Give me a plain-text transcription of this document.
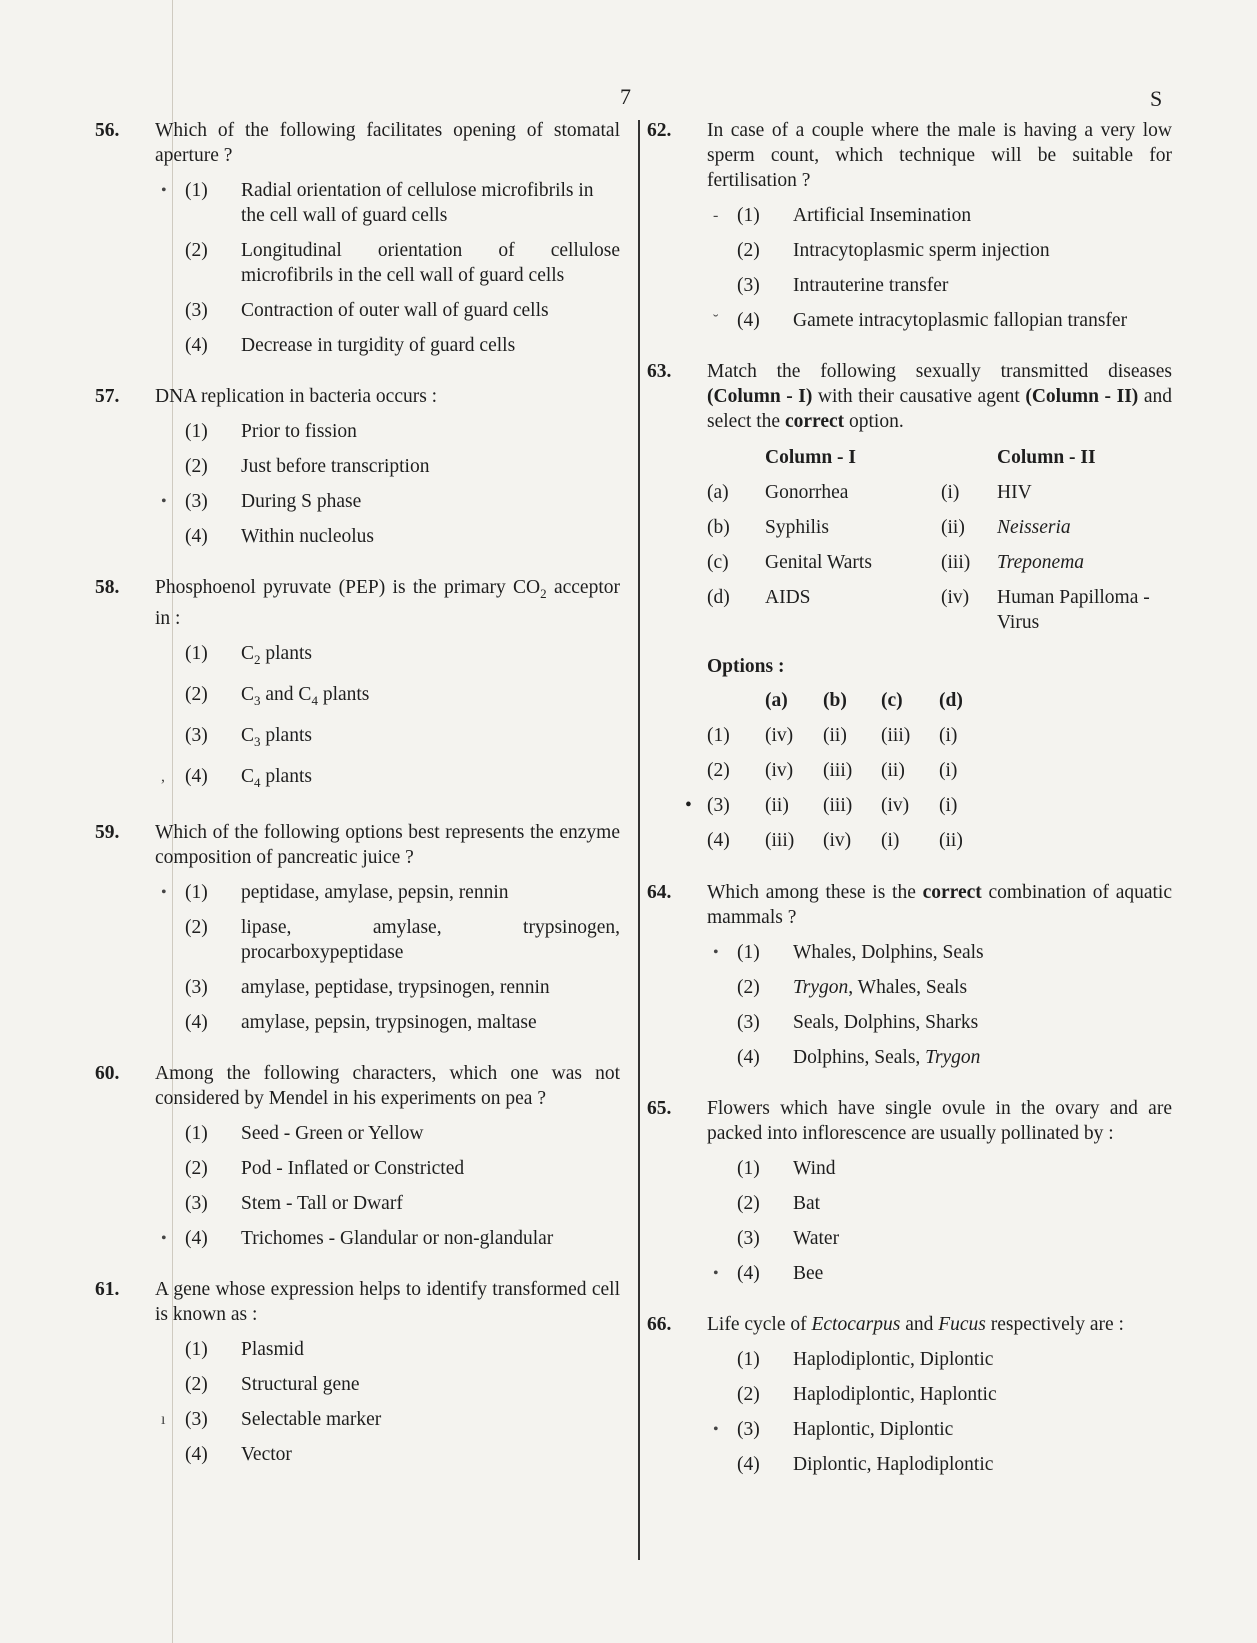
7	S
56.	Which of the following facilitates opening of stomatal aperture ?
• (1)	Radial orientation of cellulose microfibrils in the cell wall of guard cells
(2)	Longitudinal orientation of cellulose microfibrils in the cell wall of guard cells
(3)	Contraction of outer wall of guard cells
(4)	Decrease in turgidity of guard cells
57.	DNA replication in bacteria occurs :
(1)	Prior to fission
(2)	Just before transcription
• (3)	During S phase
(4)	Within nucleolus
58.	Phosphoenol pyruvate (PEP) is the primary $CO_2$ acceptor in :
(1)	$C_2$ plants
(2)	$C_3$ and $C_4$ plants
(3)	$C_3$ plants
,	(4)	$C_4$ plants
59.	Which of the following options best represents the enzyme composition of pancreatic juice ?
• (1)	peptidase, amylase, pepsin, rennin
(2)	lipase, amylase, trypsinogen, procarboxypeptidase
(3)	amylase, peptidase, trypsinogen, rennin
(4)	amylase, pepsin, trypsinogen, maltase
60.	Among the following characters, which one was not considered by Mendel in his experiments on pea ?
(1)	Seed - Green or Yellow
(2)	Pod - Inflated or Constricted
(3)	Stem - Tall or Dwarf
• (4)	Trichomes - Glandular or non-glandular
61.	A gene whose expression helps to identify transformed cell is known as :
(1)	Plasmid
(2)	Structural gene
ı	(3)	Selectable marker
(4)	Vector
62.	In case of a couple where the male is having a very low sperm count, which technique will be suitable for fertilisation ?
- (1)	Artificial Insemination
(2)	Intracytoplasmic sperm injection
(3)	Intrauterine transfer
˘ (4)	Gamete intracytoplasmic fallopian transfer
63.	Match the following sexually transmitted diseases (Column - I) with their causative agent (Column - II) and select the correct option.
	Column - I		Column - II
(a)	Gonorrhea	(i)	HIV
(b)	Syphilis	(ii)	Neisseria
(c)	Genital Warts	(iii)	Treponema
(d)	AIDS	(iv)	Human Papilloma - Virus
Options :
	(a)	(b)	(c)	(d)
(1)	(iv)	(ii)	(iii)	(i)
(2)	(iv)	(iii)	(ii)	(i)

• (3)	(ii)	(iii)	(iv)	(i)
(4)	(iii)	(iv)	(i)	(ii)
64.	Which among these is the correct combination of aquatic mammals ?
• (1)	Whales, Dolphins, Seals
(2)	Trygon, Whales, Seals
(3)	Seals, Dolphins, Sharks
(4)	Dolphins, Seals, Trygon
65.	Flowers which have single ovule in the ovary and are packed into inflorescence are usually pollinated by :
(1)	Wind
(2)	Bat
(3)	Water
• (4)	Bee
66.	Life cycle of Ectocarpus and Fucus respectively are :
(1)	Haplodiplontic, Diplontic
(2)	Haplodiplontic, Haplontic
• (3)	Haplontic, Diplontic
(4)	Diplontic, Haplodiplontic
